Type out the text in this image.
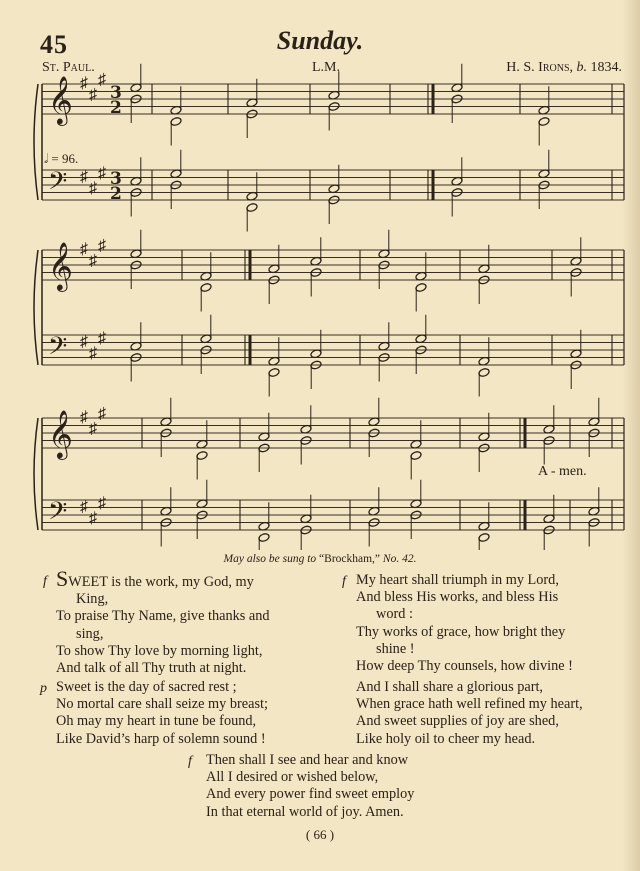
45	Sunday.
St. Paul.	L.M.	H. S. Irons, b. 1834.
𝄞
𝄢
𝄞
𝄢
𝄞
𝄢
♯
♯
♯
♯
♯
♯
♯
♯
♯
♯
♯
♯
♯
♯
♯
♯
♯
♯
3
2
3
2
𝅗𝅥 = 96.
A - men.
May also be sung to “Brockham,” No. 42.
f SWEET is the work, my God, my
King,
To praise Thy Name, give thanks and
sing,
To show Thy love by morning light,
And talk of all Thy truth at night.
p Sweet is the day of sacred rest ;
No mortal care shall seize my breast;
Oh may my heart in tune be found,
Like David’s harp of solemn sound !
f My heart shall triumph in my Lord,
And bless His works, and bless His
word :
Thy works of grace, how bright they
shine !
How deep Thy counsels, how divine !
And I shall share a glorious part,
When grace hath well refined my heart,
And sweet supplies of joy are shed,
Like holy oil to cheer my head.
f Then shall I see and hear and know
All I desired or wished below,
And every power find sweet employ
In that eternal world of joy. Amen.
( 66 )
